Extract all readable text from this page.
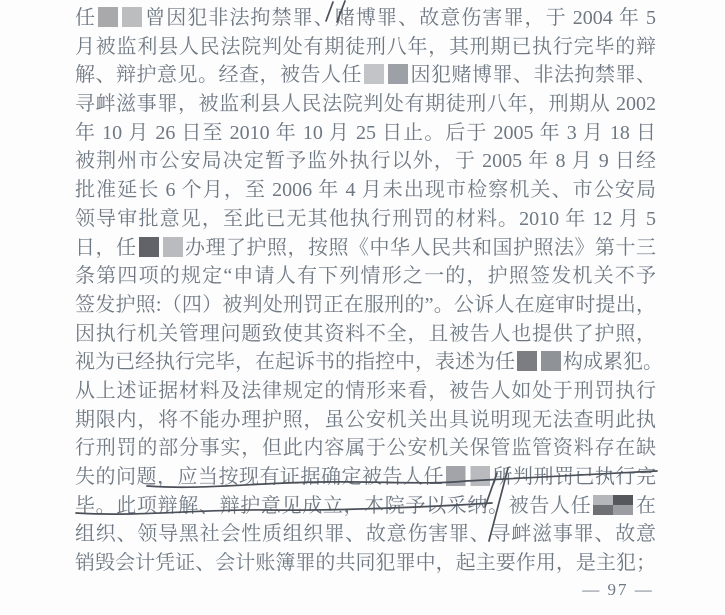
任 曾因犯非法拘禁罪、赌博罪、故意伤害罪，于 2004 年 5
月被监利县人民法院判处有期徒刑八年，其刑期已执行完毕的辩
解、辩护意见。经查，被告人任 因犯赌博罪、非法拘禁罪、
寻衅滋事罪，被监利县人民法院判处有期徒刑八年，刑期从 2002
年 10 月 26 日至 2010 年 10 月 25 日止。后于 2005 年 3 月 18 日
被荆州市公安局决定暂予监外执行以外，于 2005 年 8 月 9 日经
批准延长 6 个月，至 2006 年 4 月未出现市检察机关、市公安局
领导审批意见，至此已无其他执行刑罚的材料。2010 年 12 月 5
日，任 办理了护照，按照《中华人民共和国护照法》第十三
条第四项的规定“申请人有下列情形之一的，护照签发机关不予
签发护照:（四）被判处刑罚正在服刑的”。公诉人在庭审时提出，
因执行机关管理问题致使其资料不全，且被告人也提供了护照，
视为已经执行完毕，在起诉书的指控中，表述为任 构成累犯。
从上述证据材料及法律规定的情形来看，被告人如处于刑罚执行
期限内，将不能办理护照，虽公安机关出具说明现无法查明此执
行刑罚的部分事实，但此内容属于公安机关保管监管资料存在缺
失的问题，应当按现有证据确定被告人任 所判刑罚已执行完
毕。此项辩解、辩护意见成立，本院予以采纳。被告人任 在
组织、领导黑社会性质组织罪、故意伤害罪、寻衅滋事罪、故意
销毁会计凭证、会计账簿罪的共同犯罪中，起主要作用，是主犯；
— 97 —
